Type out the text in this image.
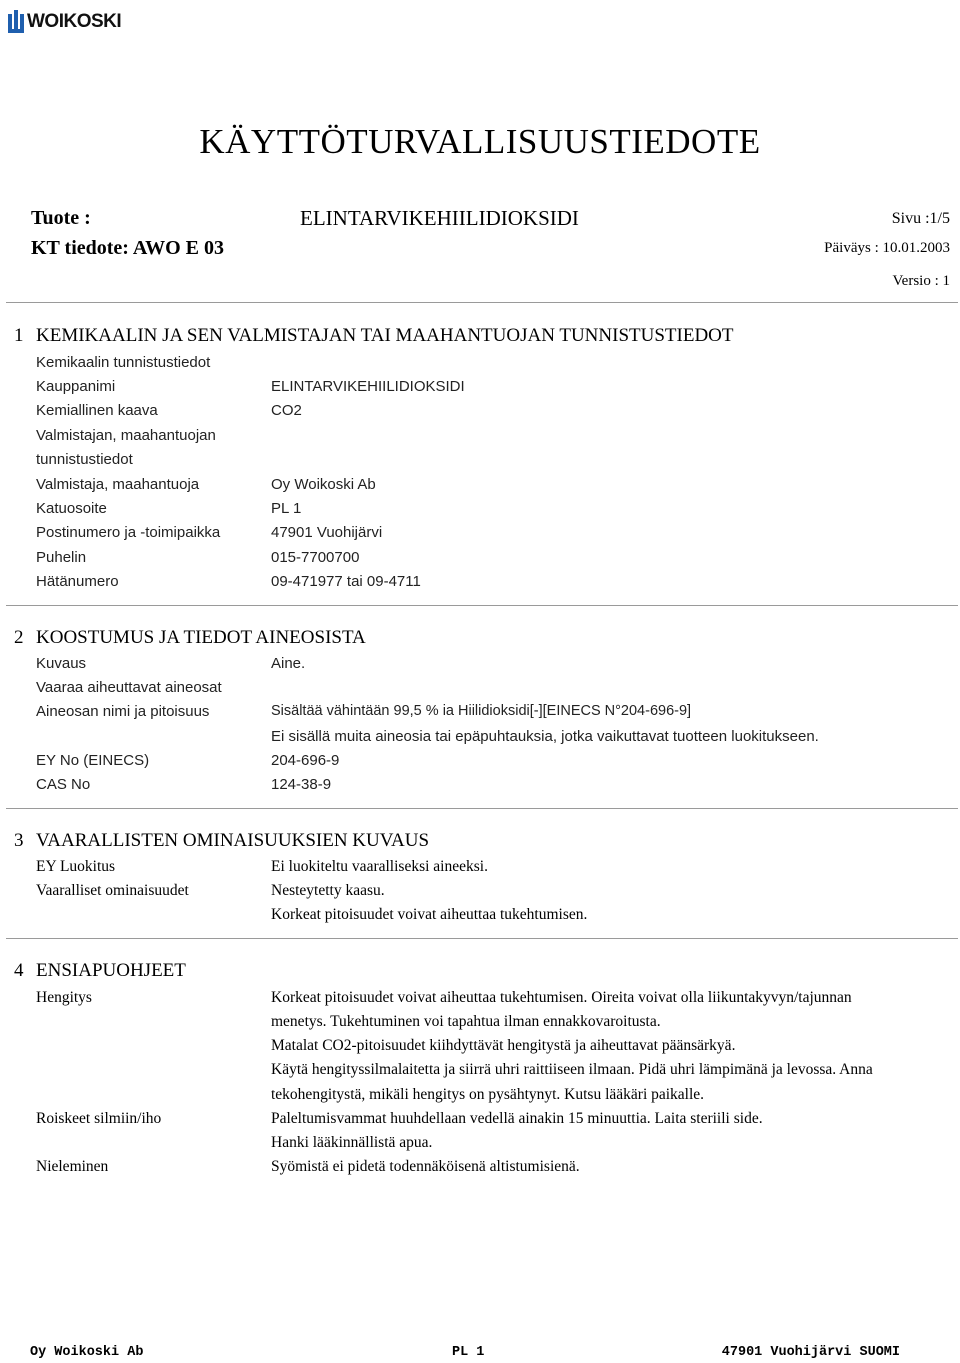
WOIKOSKI
KÄYTTÖTURVALLISUUSTIEDOTE
Tuote :	ELINTARVIKEHIILIDIOKSIDI	Sivu :1/5
KT tiedote: AWO E 03	Päiväys : 10.01.2003
Versio : 1
1 KEMIKAALIN JA SEN VALMISTAJAN TAI MAAHANTUOJAN TUNNISTUSTIEDOT
Kemikaalin tunnistustiedot
Kauppanimi	ELINTARVIKEHIILIDIOKSIDI
Kemiallinen kaava	CO2
Valmistajan, maahantuojan
tunnistustiedot
Valmistaja, maahantuoja	Oy Woikoski Ab
Katuosoite	PL 1
Postinumero ja -toimipaikka	47901 Vuohijärvi
Puhelin	015-7700700
Hätänumero	09-471977 tai 09-4711
2 KOOSTUMUS JA TIEDOT AINEOSISTA
Kuvaus	Aine.
Vaaraa aiheuttavat aineosat
Aineosan nimi ja pitoisuus	Sisältää vähintään 99,5 % ia Hiilidioksidi[-][EINECS N°204-696-9]
Ei sisällä muita aineosia tai epäpuhtauksia, jotka vaikuttavat tuotteen luokitukseen.
EY No (EINECS)	204-696-9
CAS No	124-38-9
3 VAARALLISTEN OMINAISUUKSIEN KUVAUS
EY Luokitus	Ei luokiteltu vaaralliseksi aineeksi.
Vaaralliset ominaisuudet	Nesteytetty kaasu.
Korkeat pitoisuudet voivat aiheuttaa tukehtumisen.
4 ENSIAPUOHJEET
Hengitys	Korkeat pitoisuudet voivat aiheuttaa tukehtumisen. Oireita voivat olla liikuntakyvyn/tajunnan
menetys. Tukehtuminen voi tapahtua ilman ennakkovaroitusta.
Matalat CO2-pitoisuudet kiihdyttävät hengitystä ja aiheuttavat päänsärkyä.
Käytä hengityssilmalaitetta ja siirrä uhri raittiiseen ilmaan. Pidä uhri lämpimänä ja levossa. Anna
tekohengitystä, mikäli hengitys on pysähtynyt. Kutsu lääkäri paikalle.
Roiskeet silmiin/iho	Paleltumisvammat huuhdellaan vedellä ainakin 15 minuuttia. Laita steriili side.
Hanki lääkinnällistä apua.
Nieleminen	Syömistä ei pidetä todennäköisenä altistumisienä.
Oy Woikoski Ab	PL 1	47901 Vuohijärvi SUOMI
